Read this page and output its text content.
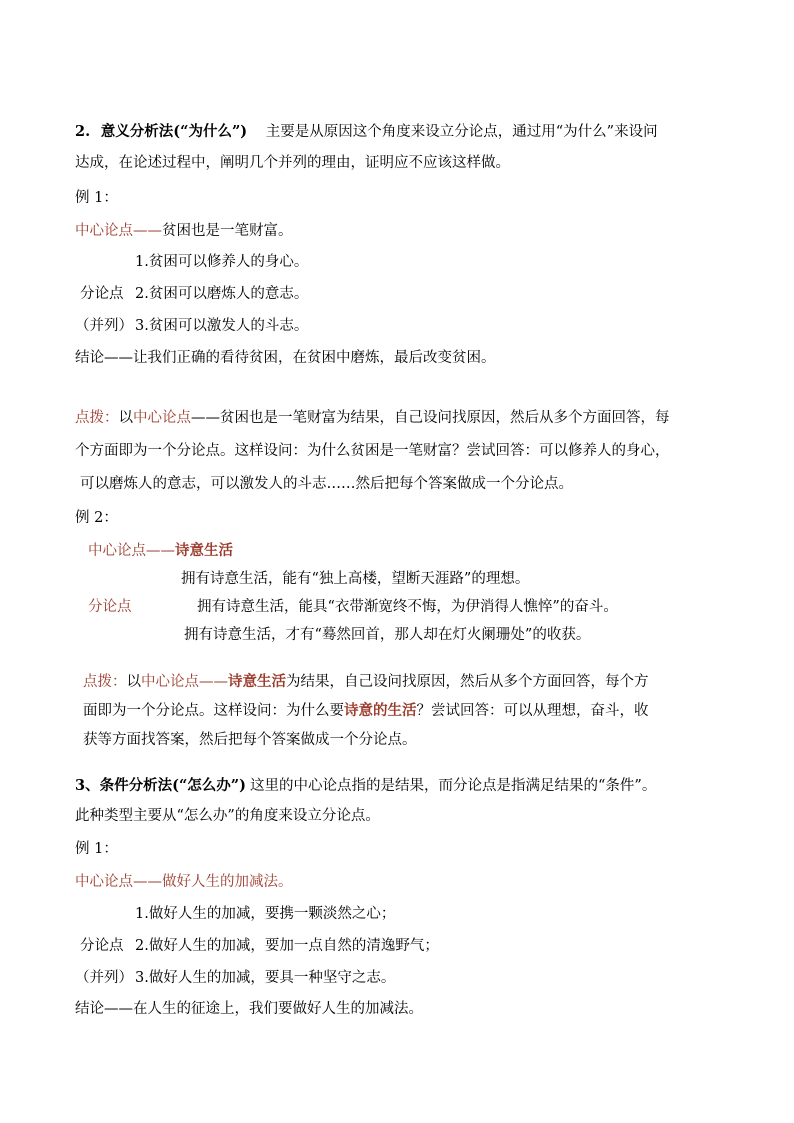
2. 意义分析法(“为什么”) 主要是从原因这个角度来设立分论点，通过用“为什么”来设问
达成，在论述过程中，阐明几个并列的理由，证明应不应该这样做。
例 1：
中心论点——贫困也是一笔财富。
1.贫困可以修养人的身心。
分论点 2.贫困可以磨炼人的意志。
（并列） 3.贫困可以激发人的斗志。
结论——让我们正确的看待贫困，在贫困中磨炼，最后改变贫困。
点拨：以中心论点——贫困也是一笔财富为结果，自己设问找原因，然后从多个方面回答，每
个方面即为一个分论点。这样设问：为什么贫困是一笔财富？尝试回答：可以修养人的身心，
可以磨炼人的意志，可以激发人的斗志……然后把每个答案做成一个分论点。
例 2：
中心论点——诗意生活
拥有诗意生活，能有“独上高楼，望断天涯路”的理想。
分论点	拥有诗意生活，能具“衣带渐宽终不悔，为伊消得人憔悴”的奋斗。
拥有诗意生活，才有“蓦然回首，那人却在灯火阑珊处”的收获。
点拨：以中心论点——诗意生活为结果，自己设问找原因，然后从多个方面回答，每个方
面即为一个分论点。这样设问：为什么要诗意的生活？尝试回答：可以从理想，奋斗，收
获等方面找答案，然后把每个答案做成一个分论点。
3、条件分析法(“怎么办”) 这里的中心论点指的是结果，而分论点是指满足结果的“条件”。
此种类型主要从“怎么办”的角度来设立分论点。
例 1：
中心论点——做好人生的加减法。
1.做好人生的加减，要携一颗淡然之心；
分论点 2.做好人生的加减，要加一点自然的清逸野气；
（并列） 3.做好人生的加减，要具一种坚守之志。
结论——在人生的征途上，我们要做好人生的加减法。
